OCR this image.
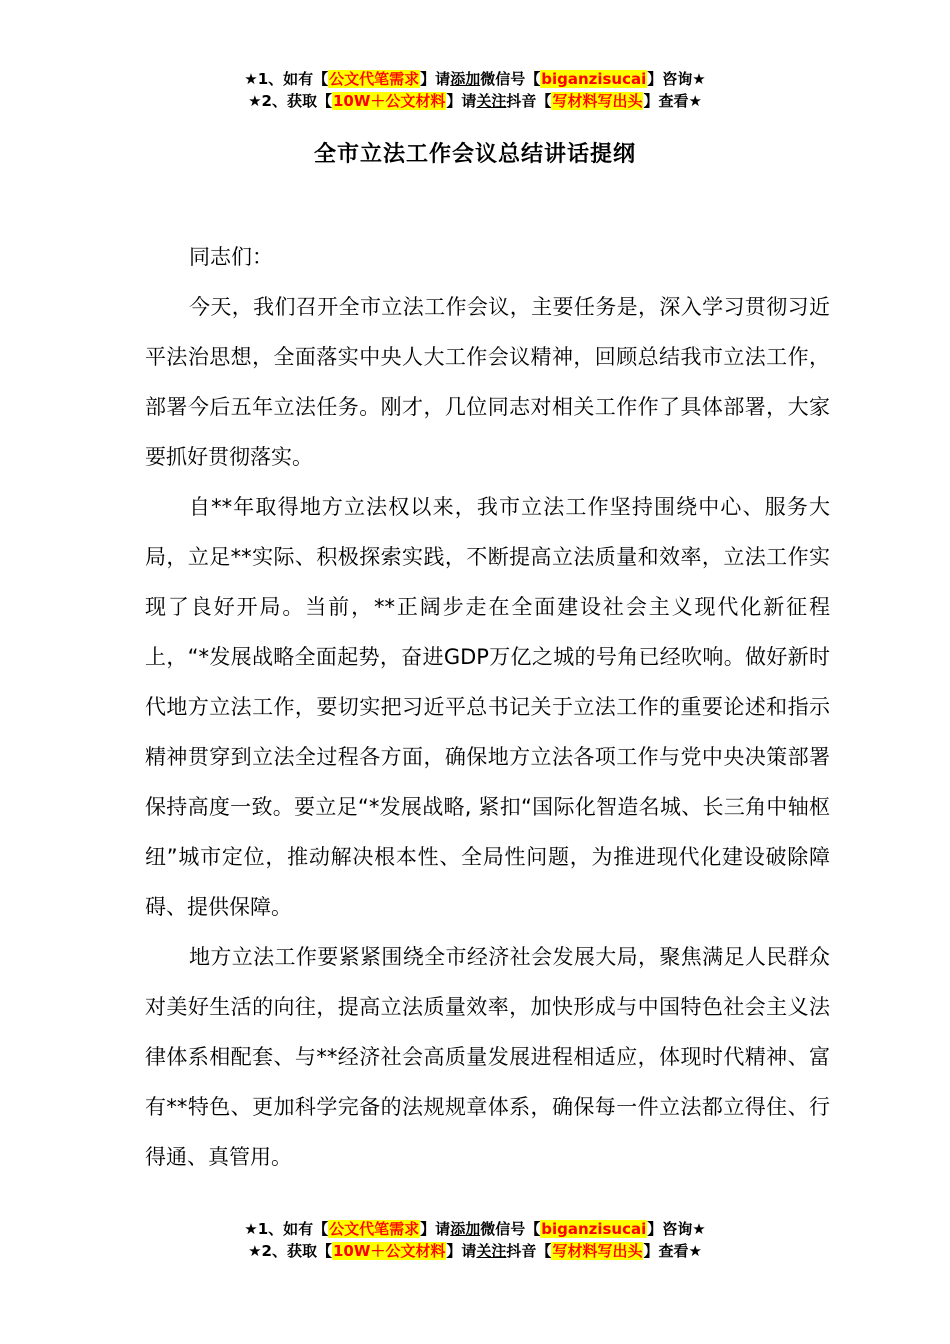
★1、如有【公文代笔需求】请添加微信号【biganzisucai】咨询★
★2、获取【10W＋公文材料】请关注抖音【写材料写出头】查看★
全市立法工作会议总结讲话提纲

同志们：

今天，我们召开全市立法工作会议，主要任务是，深入学习贯彻习近平法治思想，全面落实中央人大工作会议精神，回顾总结我市立法工作，部署今后五年立法任务。刚才，几位同志对相关工作作了具体部署，大家要抓好贯彻落实。

自**年取得地方立法权以来，我市立法工作坚持围绕中心、服务大局，立足**实际、积极探索实践，不断提高立法质量和效率，立法工作实现了良好开局。当前，**正阔步走在全面建设社会主义现代化新征程上，“*发展战略全面起势，奋进GDP万亿之城的号角已经吹响。做好新时代地方立法工作，要切实把习近平总书记关于立法工作的重要论述和指示精神贯穿到立法全过程各方面，确保地方立法各项工作与党中央决策部署保持高度一致。要立足“*发展战略, 紧扣“国际化智造名城、长三角中轴枢纽”城市定位，推动解决根本性、全局性问题，为推进现代化建设破除障碍、提供保障。

地方立法工作要紧紧围绕全市经济社会发展大局，聚焦满足人民群众对美好生活的向往，提高立法质量效率，加快形成与中国特色社会主义法律体系相配套、与**经济社会高质量发展进程相适应，体现时代精神、富有**特色、更加科学完备的法规规章体系，确保每一件立法都立得住、行得通、真管用。

★1、如有【公文代笔需求】请添加微信号【biganzisucai】咨询★
★2、获取【10W＋公文材料】请关注抖音【写材料写出头】查看★
